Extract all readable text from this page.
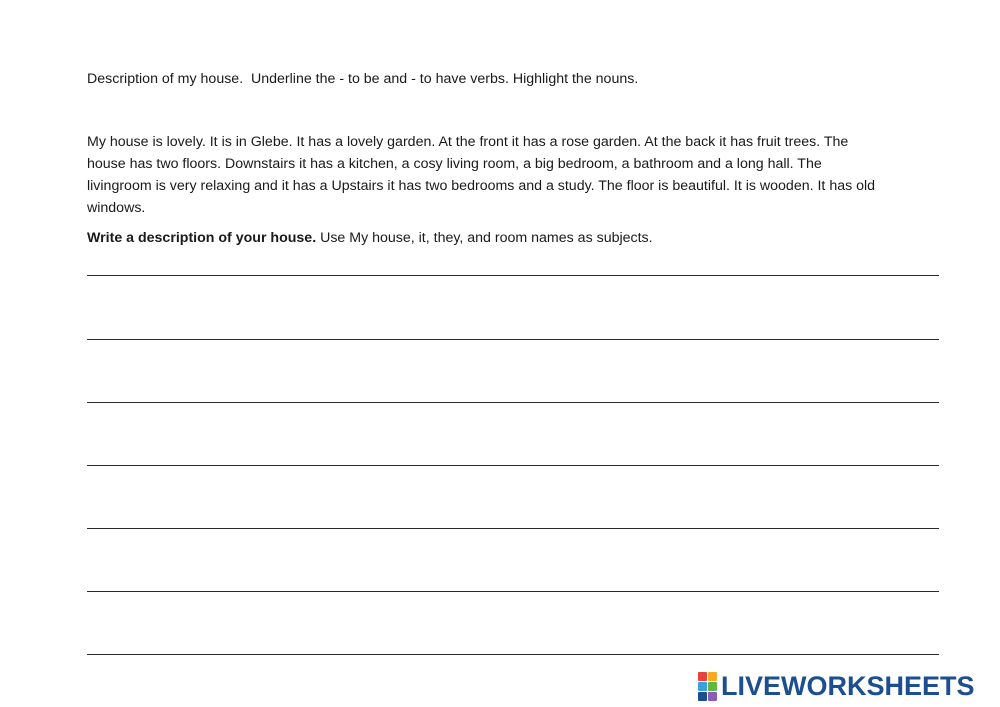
Description of my house.  Underline the - to be and - to have verbs. Highlight the nouns.
My house is lovely. It is in Glebe. It has a lovely garden. At the front it has a rose garden. At the back it has fruit trees. The
house has two floors. Downstairs it has a kitchen, a cosy living room, a big bedroom, a bathroom and a long hall. The
livingroom is very relaxing and it has a Upstairs it has two bedrooms and a study. The floor is beautiful. It is wooden. It has old
windows.
Write a description of your house. Use My house, it, they, and room names as subjects.
LIVEWORKSHEETS
